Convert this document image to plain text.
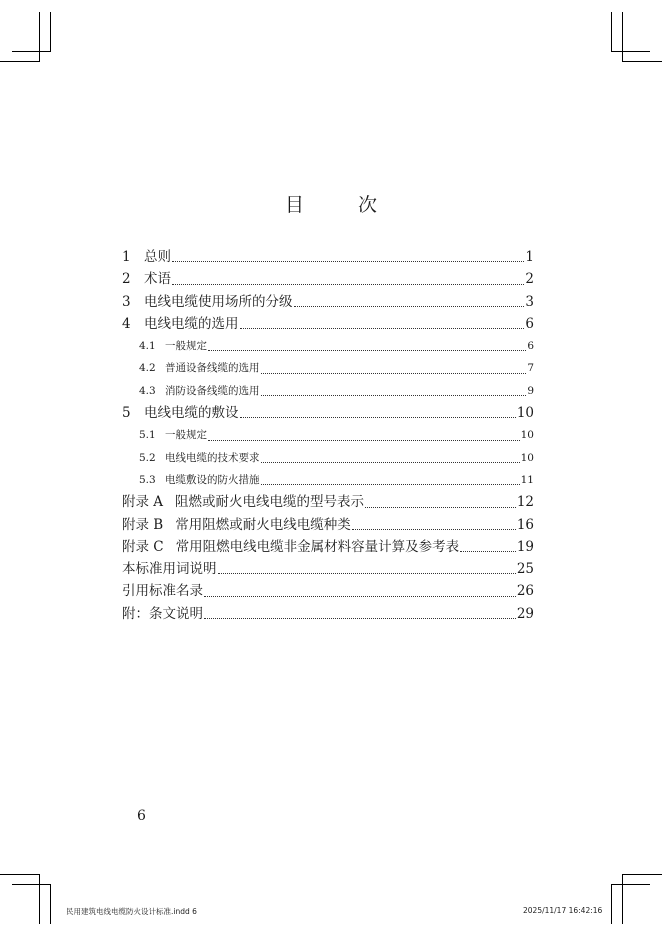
目	次
1 总则	1
2 术语	2
3 电线电缆使用场所的分级	3
4 电线电缆的选用	6
4.1 一般规定	6
4.2 普通设备线缆的选用	7
4.3 消防设备线缆的选用	9
5 电线电缆的敷设	10
5.1 一般规定	10
5.2 电线电缆的技术要求	10
5.3 电缆敷设的防火措施	11
附录 A 阻燃或耐火电线电缆的型号表示	12
附录 B 常用阻燃或耐火电线电缆种类	16
附录 C 常用阻燃电线电缆非金属材料容量计算及参考表	19
本标准用词说明	25
引用标准名录	26
附：条文说明	29
6
民用建筑电线电缆防火设计标准.indd 6	2025/11/17 16:42:16
